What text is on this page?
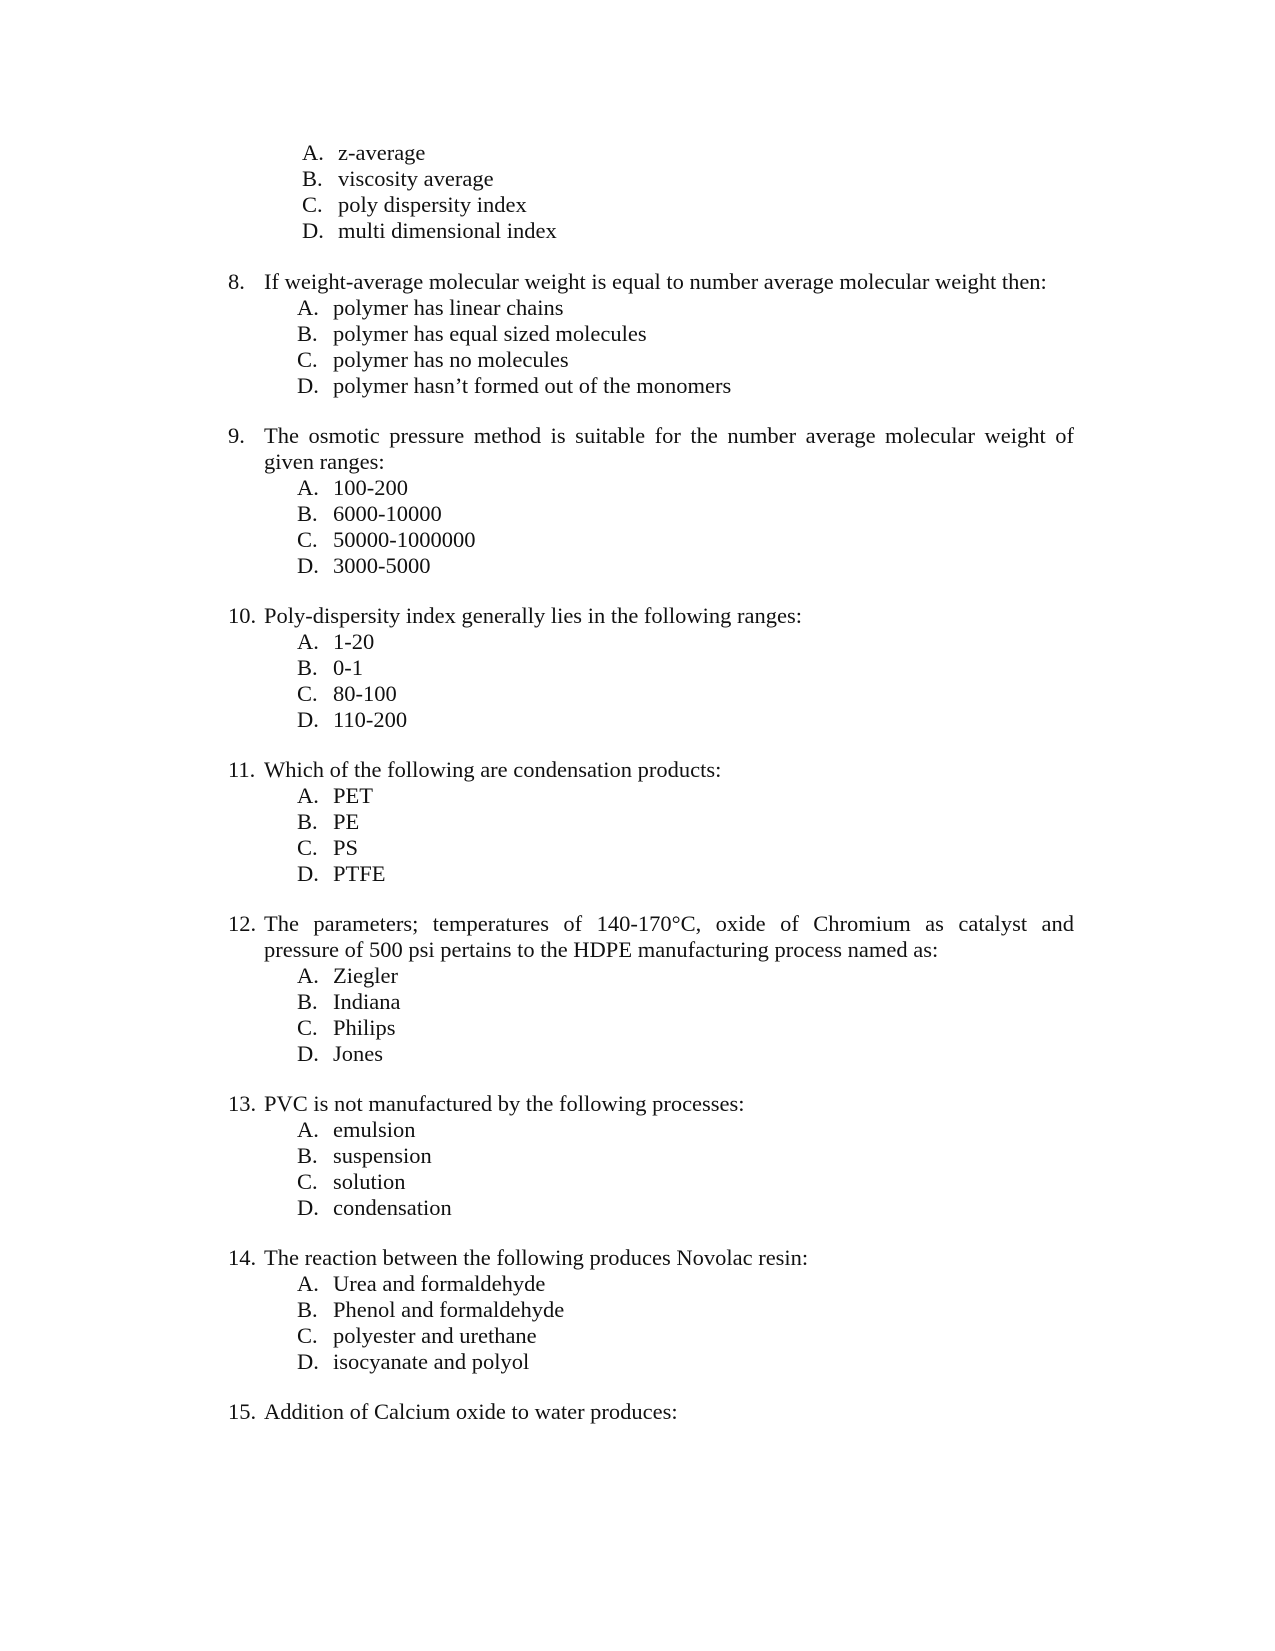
A. z-average
B. viscosity average
C. poly dispersity index
D. multi dimensional index
8. If weight-average molecular weight is equal to number average molecular weight then:
A. polymer has linear chains
B. polymer has equal sized molecules
C. polymer has no molecules
D. polymer hasn’t formed out of the monomers
9. The osmotic pressure method is suitable for the number average molecular weight of
given ranges:
A. 100-200
B. 6000-10000
C. 50000-1000000
D. 3000-5000
10. Poly-dispersity index generally lies in the following ranges:
A. 1-20
B. 0-1
C. 80-100
D. 110-200
11. Which of the following are condensation products:
A. PET
B. PE
C. PS
D. PTFE
12. The parameters; temperatures of 140-170°C, oxide of Chromium as catalyst and
pressure of 500 psi pertains to the HDPE manufacturing process named as:
A. Ziegler
B. Indiana
C. Philips
D. Jones
13. PVC is not manufactured by the following processes:
A. emulsion
B. suspension
C. solution
D. condensation
14. The reaction between the following produces Novolac resin:
A. Urea and formaldehyde
B. Phenol and formaldehyde
C. polyester and urethane
D. isocyanate and polyol
15. Addition of Calcium oxide to water produces:
